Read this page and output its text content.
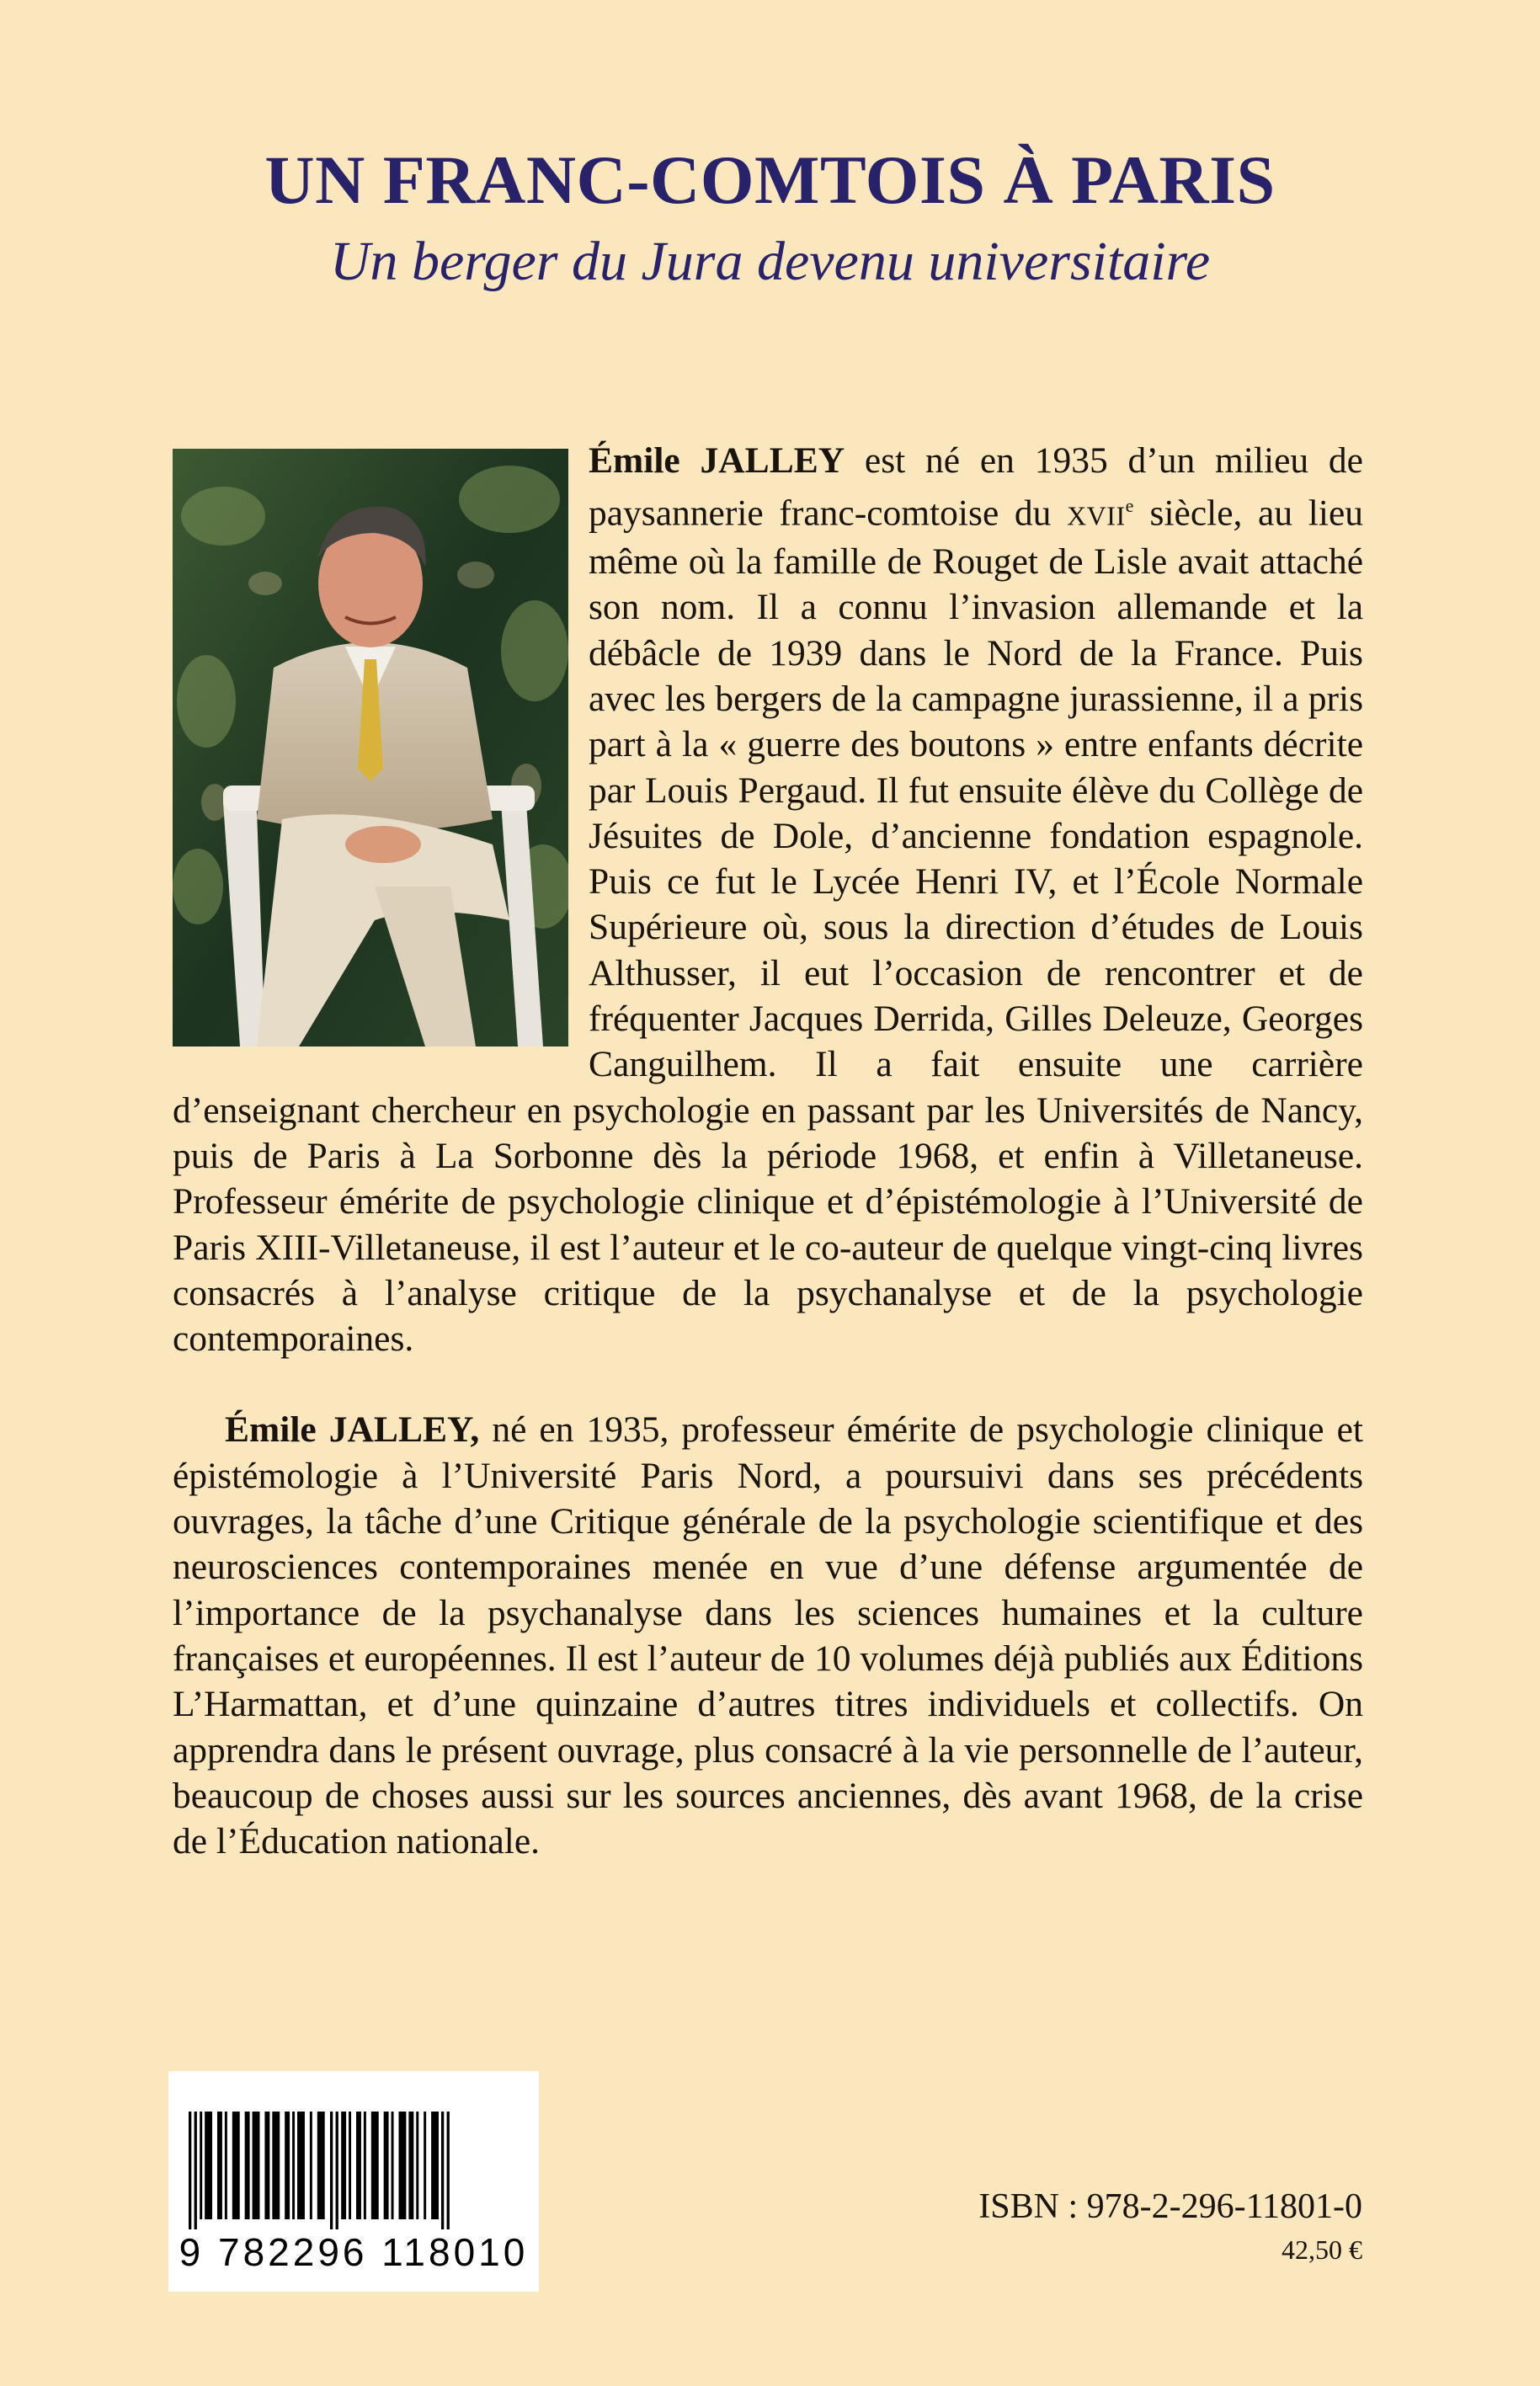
UN FRANC-COMTOIS À PARIS
Un berger du Jura devenu universitaire

Émile JALLEY est né en 1935 d’un milieu de paysannerie franc-comtoise du XVIIe siècle, au lieu même où la famille de Rouget de Lisle avait attaché son nom. Il a connu l’invasion allemande et la débâcle de 1939 dans le Nord de la France. Puis avec les bergers de la campagne jurassienne, il a pris part à la « guerre des boutons » entre enfants décrite par Louis Pergaud. Il fut ensuite élève du Collège de Jésuites de Dole, d’ancienne fondation espagnole. Puis ce fut le Lycée Henri IV, et l’École Normale Supérieure où, sous la direction d’études de Louis Althusser, il eut l’occasion de rencontrer et de fréquenter Jacques Derrida, Gilles Deleuze, Georges Canguilhem. Il a fait ensuite une carrière d’enseignant chercheur en psychologie en passant par les Universités de Nancy, puis de Paris à La Sorbonne dès la période 1968, et enfin à Villetaneuse. Professeur émérite de psychologie clinique et d’épistémologie à l’Université de Paris XIII-Villetaneuse, il est l’auteur et le co-auteur de quelque vingt-cinq livres consacrés à l’analyse critique de la psychanalyse et de la psychologie contemporaines.

Émile JALLEY, né en 1935, professeur émérite de psychologie clinique et épistémologie à l’Université Paris Nord, a poursuivi dans ses précédents ouvrages, la tâche d’une Critique générale de la psychologie scientifique et des neurosciences contemporaines menée en vue d’une défense argumentée de l’importance de la psychanalyse dans les sciences humaines et la culture françaises et européennes. Il est l’auteur de 10 volumes déjà publiés aux Éditions L’Harmattan, et d’une quinzaine d’autres titres individuels et collectifs. On apprendra dans le présent ouvrage, plus consacré à la vie personnelle de l’auteur, beaucoup de choses aussi sur les sources anciennes, dès avant 1968, de la crise de l’Éducation nationale.

9 782296 118010
ISBN : 978-2-296-11801-0
42,50 €
